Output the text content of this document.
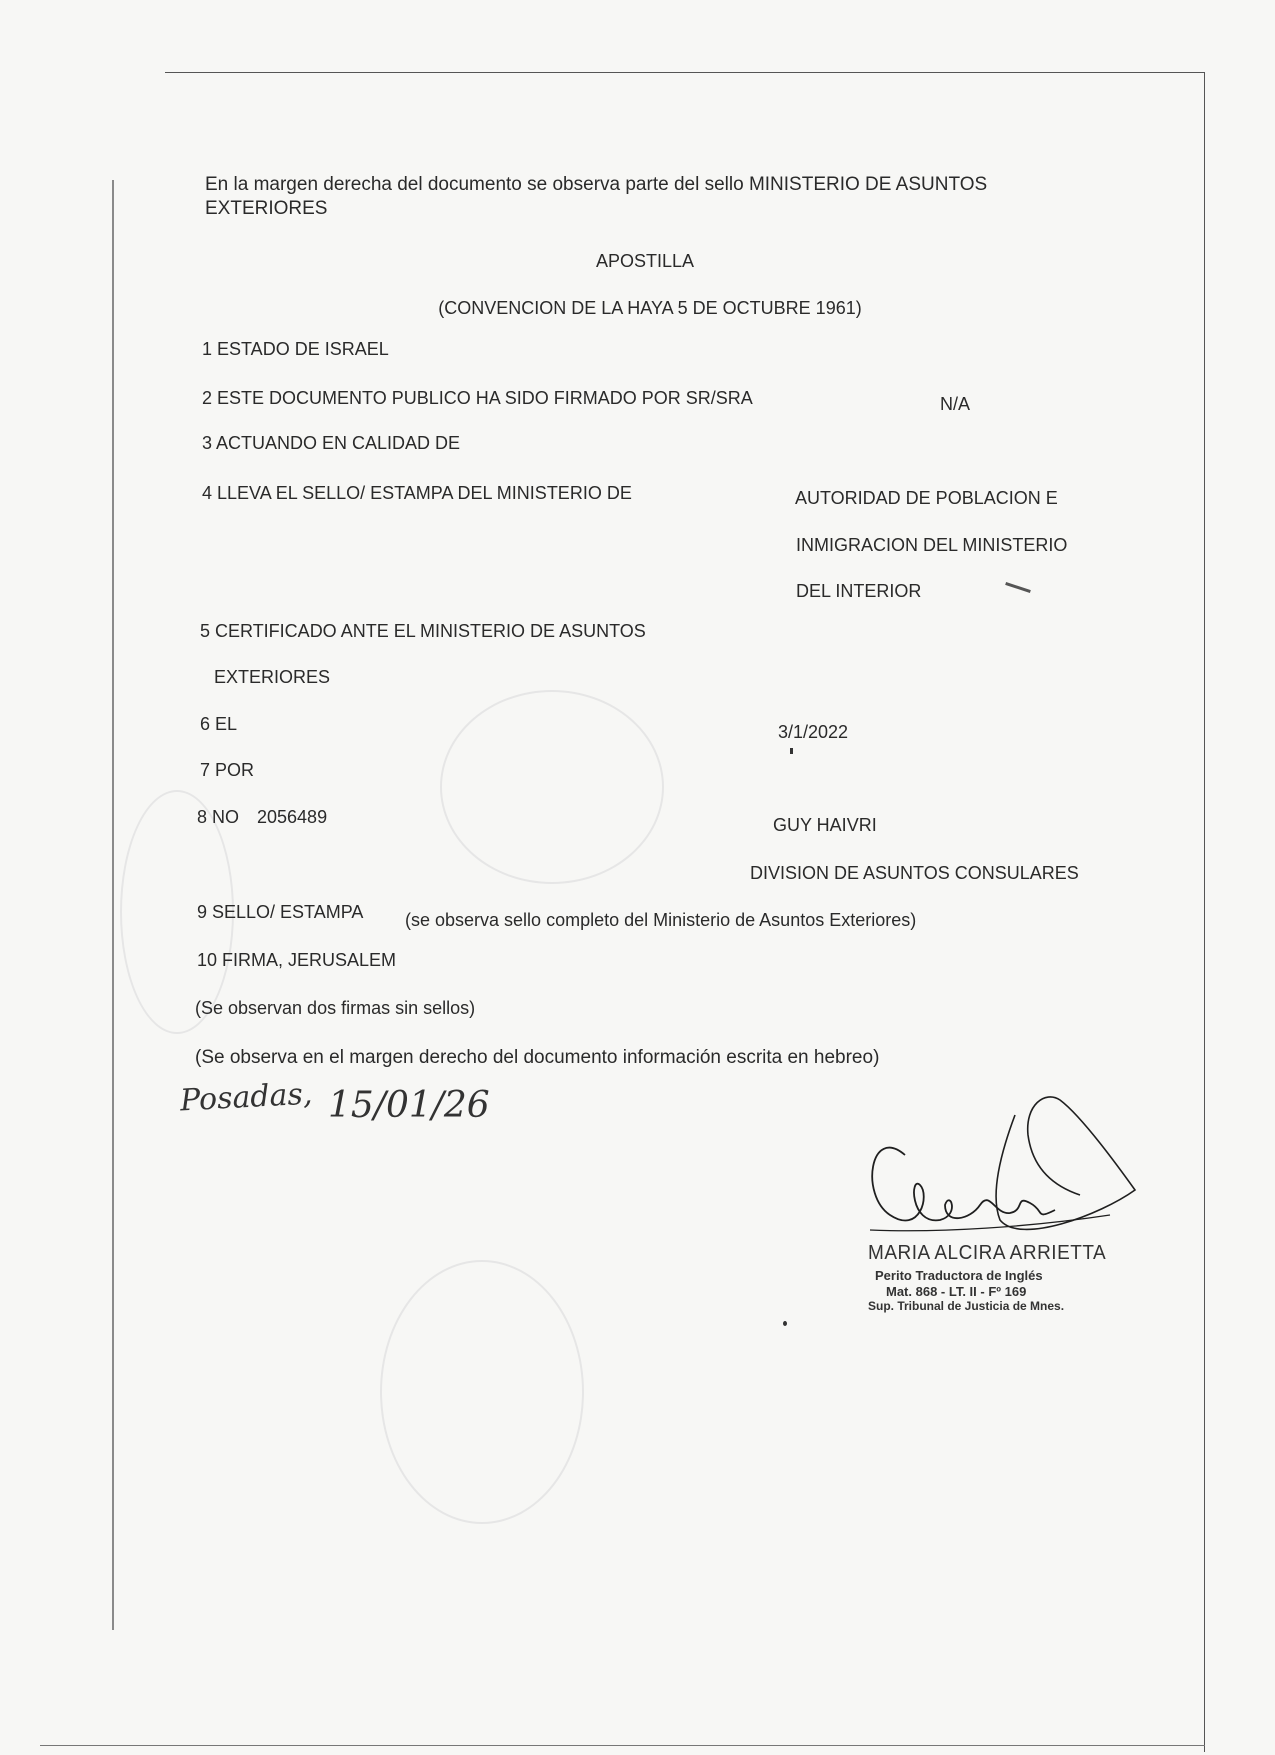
En la margen derecha del documento se observa parte del sello MINISTERIO DE ASUNTOS
EXTERIORES
APOSTILLA
(CONVENCION DE LA HAYA 5 DE OCTUBRE 1961)
1 ESTADO DE ISRAEL
2 ESTE DOCUMENTO PUBLICO HA SIDO FIRMADO POR SR/SRA	N/A
3 ACTUANDO EN CALIDAD DE
4 LLEVA EL SELLO/ ESTAMPA DEL MINISTERIO DE	AUTORIDAD DE POBLACION E
INMIGRACION DEL MINISTERIO
DEL INTERIOR
5 CERTIFICADO ANTE EL MINISTERIO DE ASUNTOS
EXTERIORES
6 EL	3/1/2022
7 POR
8 NO 2056489	GUY HAIVRI
DIVISION DE ASUNTOS CONSULARES
9 SELLO/ ESTAMPA (se observa sello completo del Ministerio de Asuntos Exteriores)
10 FIRMA, JERUSALEM
(Se observan dos firmas sin sellos)
(Se observa en el margen derecho del documento información escrita en hebreo)
Posadas, 15/01/26
MARIA ALCIRA ARRIETTA
Perito Traductora de Inglés
Mat. 868 - LT. II - Fº 169
Sup. Tribunal de Justicia de Mnes.
